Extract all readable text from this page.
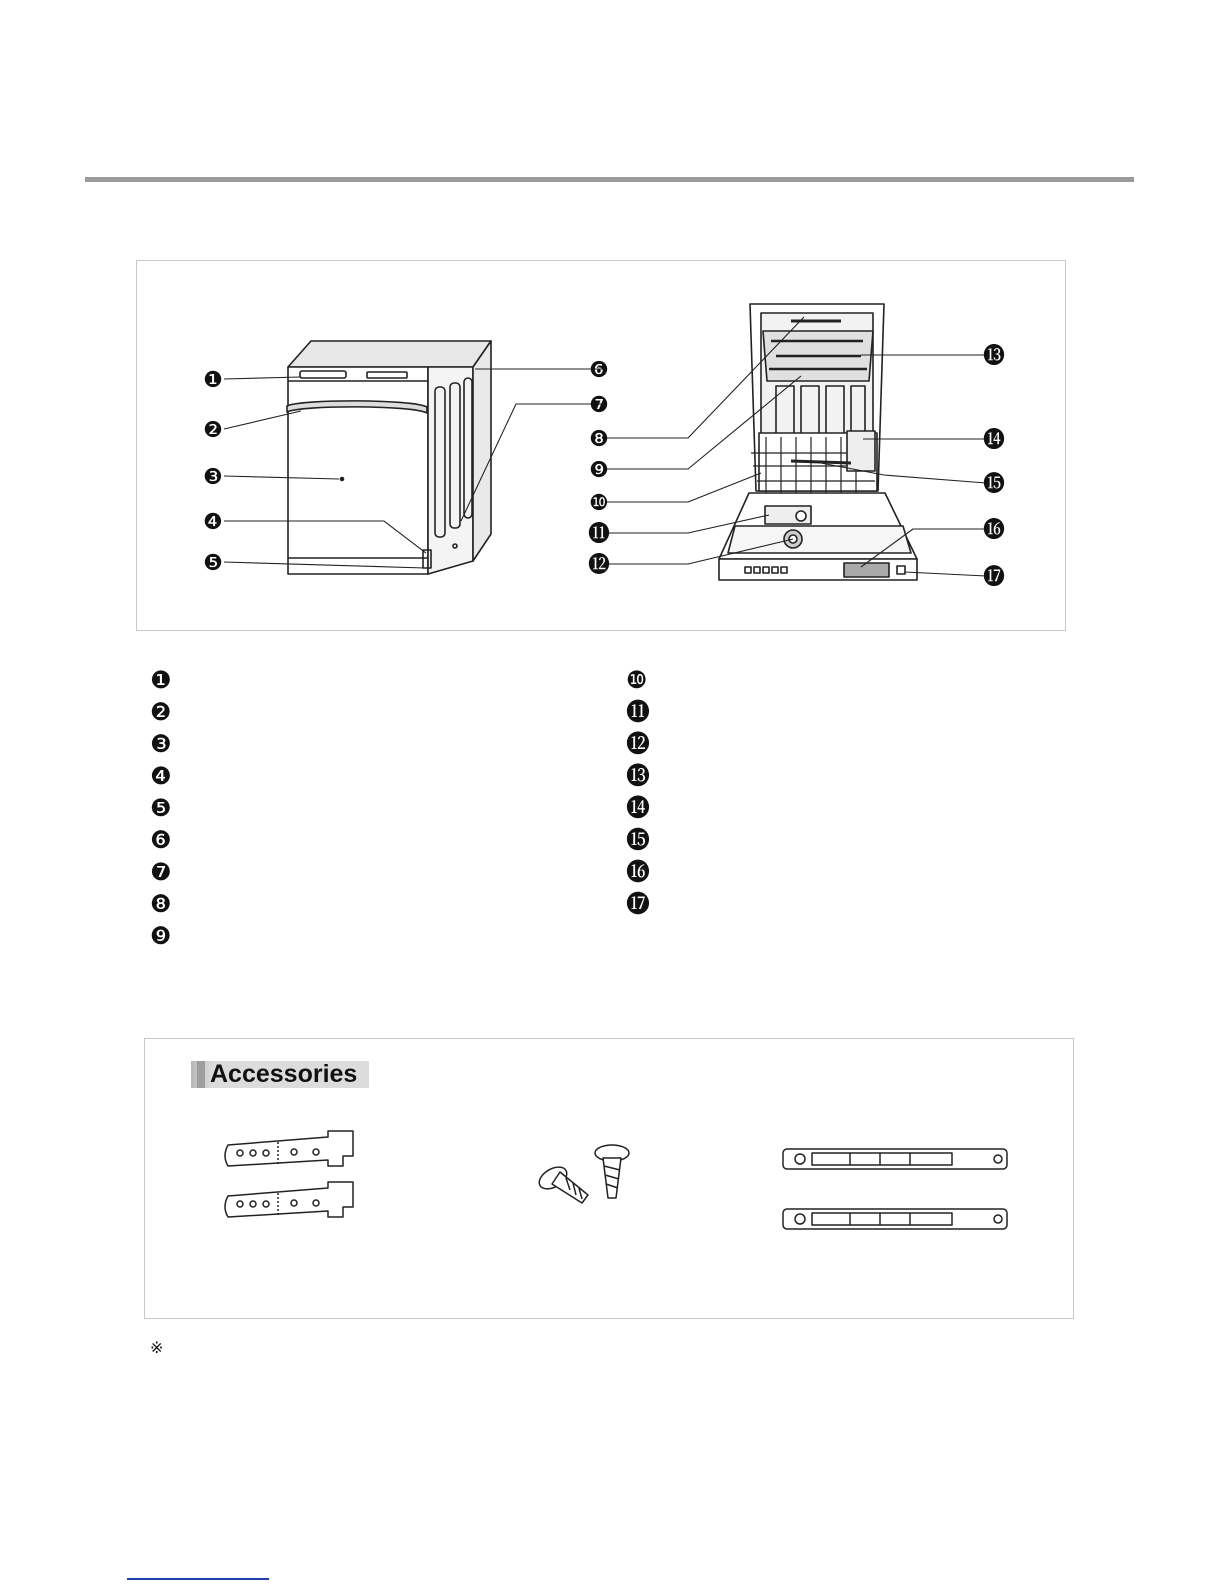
❶
❷
❸
❹
❺
❻
❼
❽
❾
❿
⓫
⓬
⓭
⓮
⓯
⓰
⓱
❶
❷
❸
❹
❺
❻
❼
❽
❾
❿
⓫
⓬
⓭
⓮
⓯
⓰
⓱
Accessories
※
